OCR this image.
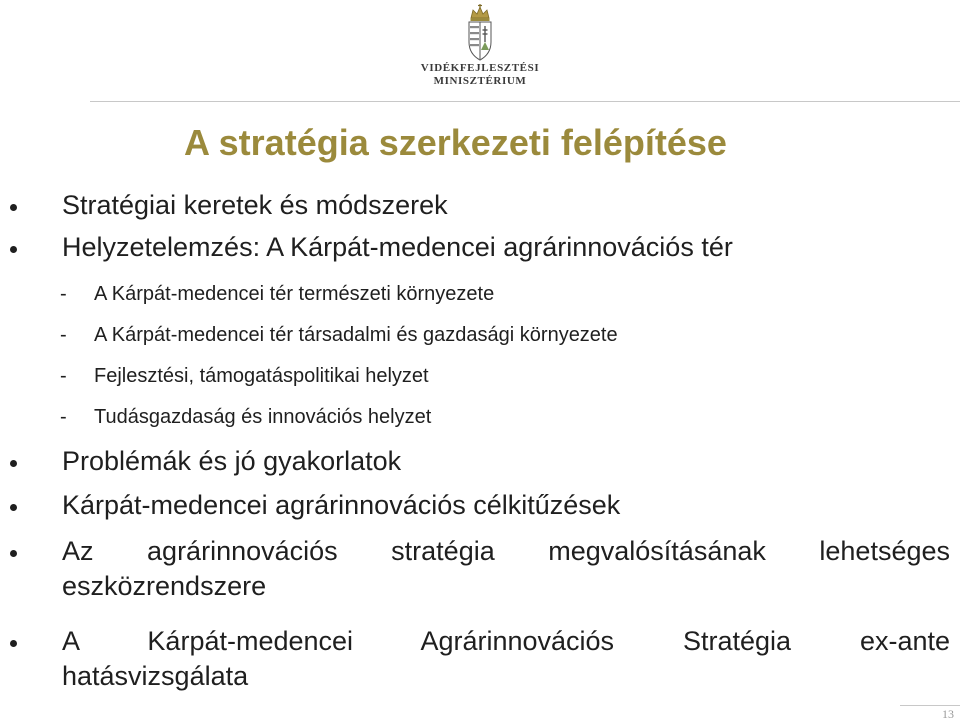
VIDÉKFEJLESZTÉSI
MINISZTÉRIUM
A stratégia szerkezeti felépítése
Stratégiai keretek és módszerek
Helyzetelemzés: A Kárpát-medencei agrárinnovációs tér
- A Kárpát-medencei tér természeti környezete
- A Kárpát-medencei tér társadalmi és gazdasági környezete
- Fejlesztési, támogatáspolitikai helyzet
- Tudásgazdaság és innovációs helyzet
Problémák és jó gyakorlatok
Kárpát-medencei agrárinnovációs célkitűzések
Az agrárinnovációs stratégia megvalósításának lehetséges
eszközrendszere
A Kárpát-medencei Agrárinnovációs Stratégia ex-ante
hatásvizsgálata
13
